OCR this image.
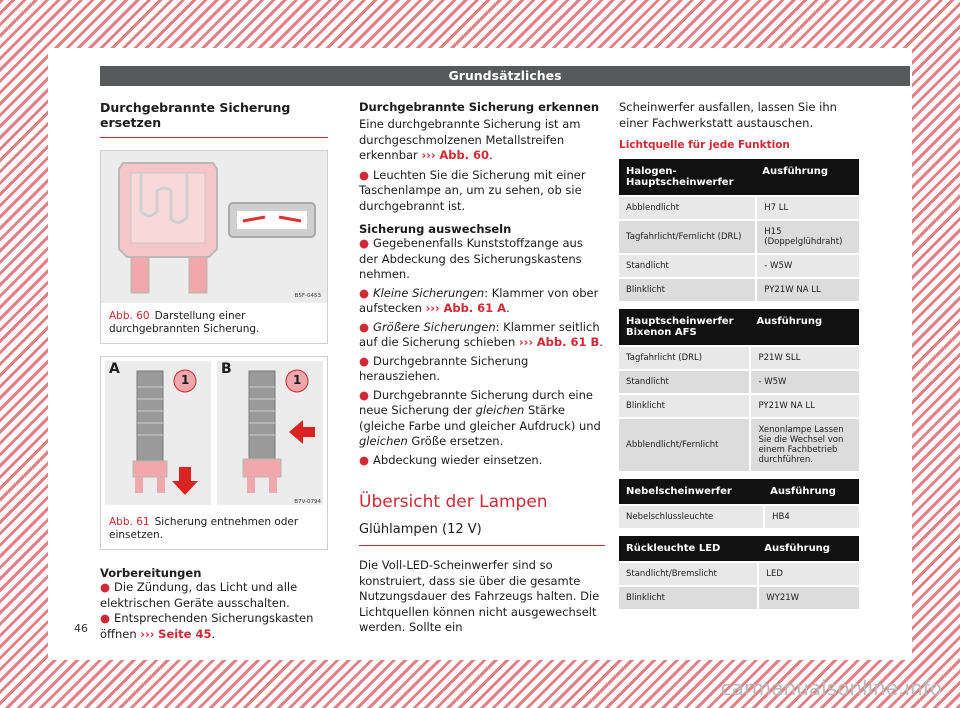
Grundsätzliches
Durchgebrannte Sicherung ersetzen
B5F-0453
Abb. 60 Darstellung einer durchgebrannten Sicherung.
A	B
1	1
B7V-0794
Abb. 61 Sicherung entnehmen oder einsetzen.
Vorbereitungen
● Die Zündung, das Licht und alle elektrischen Geräte ausschalten.
● Entsprechenden Sicherungskasten öffnen ››› Seite 45.
Durchgebrannte Sicherung erkennen
Eine durchgebrannte Sicherung ist am durchgeschmolzenen Metallstreifen erkennbar ››› Abb. 60.
● Leuchten Sie die Sicherung mit einer Taschenlampe an, um zu sehen, ob sie durchgebrannt ist.
Sicherung auswechseln
● Gegebenenfalls Kunststoffzange aus der Abdeckung des Sicherungskastens nehmen.
● Kleine Sicherungen: Klammer von ober aufstecken ››› Abb. 61 A.
● Größere Sicherungen: Klammer seitlich auf die Sicherung schieben ››› Abb. 61 B.
● Durchgebrannte Sicherung herausziehen.
● Durchgebrannte Sicherung durch eine neue Sicherung der gleichen Stärke (gleiche Farbe und gleicher Aufdruck) und gleichen Größe ersetzen.
● Abdeckung wieder einsetzen.
Übersicht der Lampen
Glühlampen (12 V)
Die Voll-LED-Scheinwerfer sind so konstruiert, dass sie über die gesamte Nutzungsdauer des Fahrzeugs halten. Die Lichtquellen können nicht ausgewechselt werden. Sollte ein
Scheinwerfer ausfallen, lassen Sie ihn einer Fachwerkstatt austauschen.
Lichtquelle für jede Funktion
Halogen-Hauptscheinwerfer	Ausführung
Abblendlicht	H7 LL
Tagfahrlicht/Fernlicht (DRL)	H15 (Doppelglühdraht)
Standlicht	- W5W
Blinklicht	PY21W NA LL
Hauptscheinwerfer Bixenon AFS	Ausführung
Tagfahrlicht (DRL)	P21W SLL
Standlicht	- W5W
Blinklicht	PY21W NA LL
Abblendlicht/Fernlicht	Xenonlampe Lassen Sie die Wechsel von einem Fachbetrieb durchführen.
Nebelscheinwerfer	Ausführung
Nebelschlussleuchte	HB4
Rückleuchte LED	Ausführung
Standlicht/Bremslicht	LED
Blinklicht	WY21W
46
carmanualsonline.info
